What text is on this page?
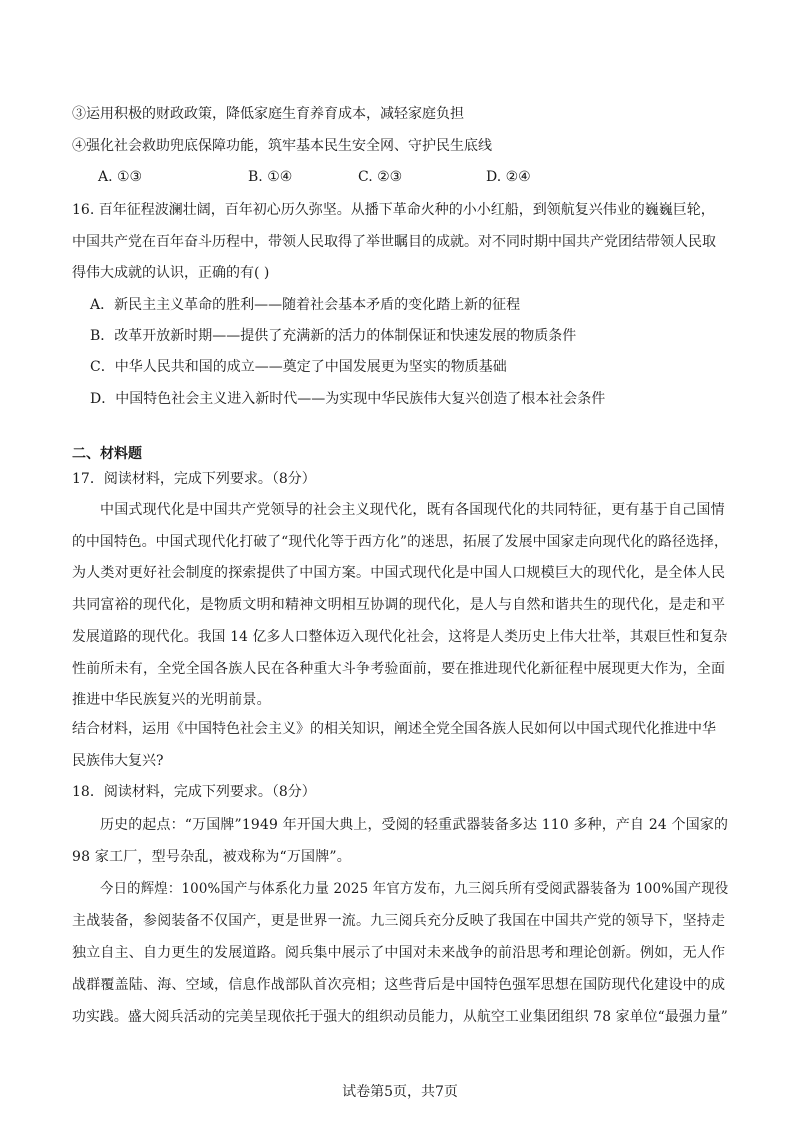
③运用积极的财政政策，降低家庭生育养育成本，减轻家庭负担
④强化社会救助兜底保障功能，筑牢基本民生安全网、守护民生底线
A. ①③	B. ①④	C. ②③	D. ②④
16. 百年征程波澜壮阔，百年初心历久弥坚。从播下革命火种的小小红船，到领航复兴伟业的巍巍巨轮，
中国共产党在百年奋斗历程中，带领人民取得了举世瞩目的成就。对不同时期中国共产党团结带领人民取
得伟大成就的认识，正确的有( )
A．新民主主义革命的胜利——随着社会基本矛盾的变化踏上新的征程
B．改革开放新时期——提供了充满新的活力的体制保证和快速发展的物质条件
C．中华人民共和国的成立——奠定了中国发展更为坚实的物质基础
D．中国特色社会主义进入新时代——为实现中华民族伟大复兴创造了根本社会条件
二、材料题
17．阅读材料，完成下列要求。（8分）
中国式现代化是中国共产党领导的社会主义现代化，既有各国现代化的共同特征，更有基于自己国情
的中国特色。中国式现代化打破了“现代化等于西方化”的迷思，拓展了发展中国家走向现代化的路径选择，
为人类对更好社会制度的探索提供了中国方案。中国式现代化是中国人口规模巨大的现代化，是全体人民
共同富裕的现代化，是物质文明和精神文明相互协调的现代化，是人与自然和谐共生的现代化，是走和平
发展道路的现代化。我国 14 亿多人口整体迈入现代化社会，这将是人类历史上伟大壮举，其艰巨性和复杂
性前所未有，全党全国各族人民在各种重大斗争考验面前，要在推进现代化新征程中展现更大作为，全面
推进中华民族复兴的光明前景。
结合材料，运用《中国特色社会主义》的相关知识，阐述全党全国各族人民如何以中国式现代化推进中华
民族伟大复兴?
18．阅读材料，完成下列要求。（8分）
历史的起点：“万国牌”1949 年开国大典上，受阅的轻重武器装备多达 110 多种，产自 24 个国家的
98 家工厂，型号杂乱，被戏称为“万国牌”。
今日的辉煌：100%国产与体系化力量 2025 年官方发布，九三阅兵所有受阅武器装备为 100%国产现役
主战装备，参阅装备不仅国产，更是世界一流。九三阅兵充分反映了我国在中国共产党的领导下，坚持走
独立自主、自力更生的发展道路。阅兵集中展示了中国对未来战争的前沿思考和理论创新。例如，无人作
战群覆盖陆、海、空域，信息作战部队首次亮相；这些背后是中国特色强军思想在国防现代化建设中的成
功实践。盛大阅兵活动的完美呈现依托于强大的组织动员能力，从航空工业集团组织 78 家单位“最强力量”
试卷第5页，共7页
